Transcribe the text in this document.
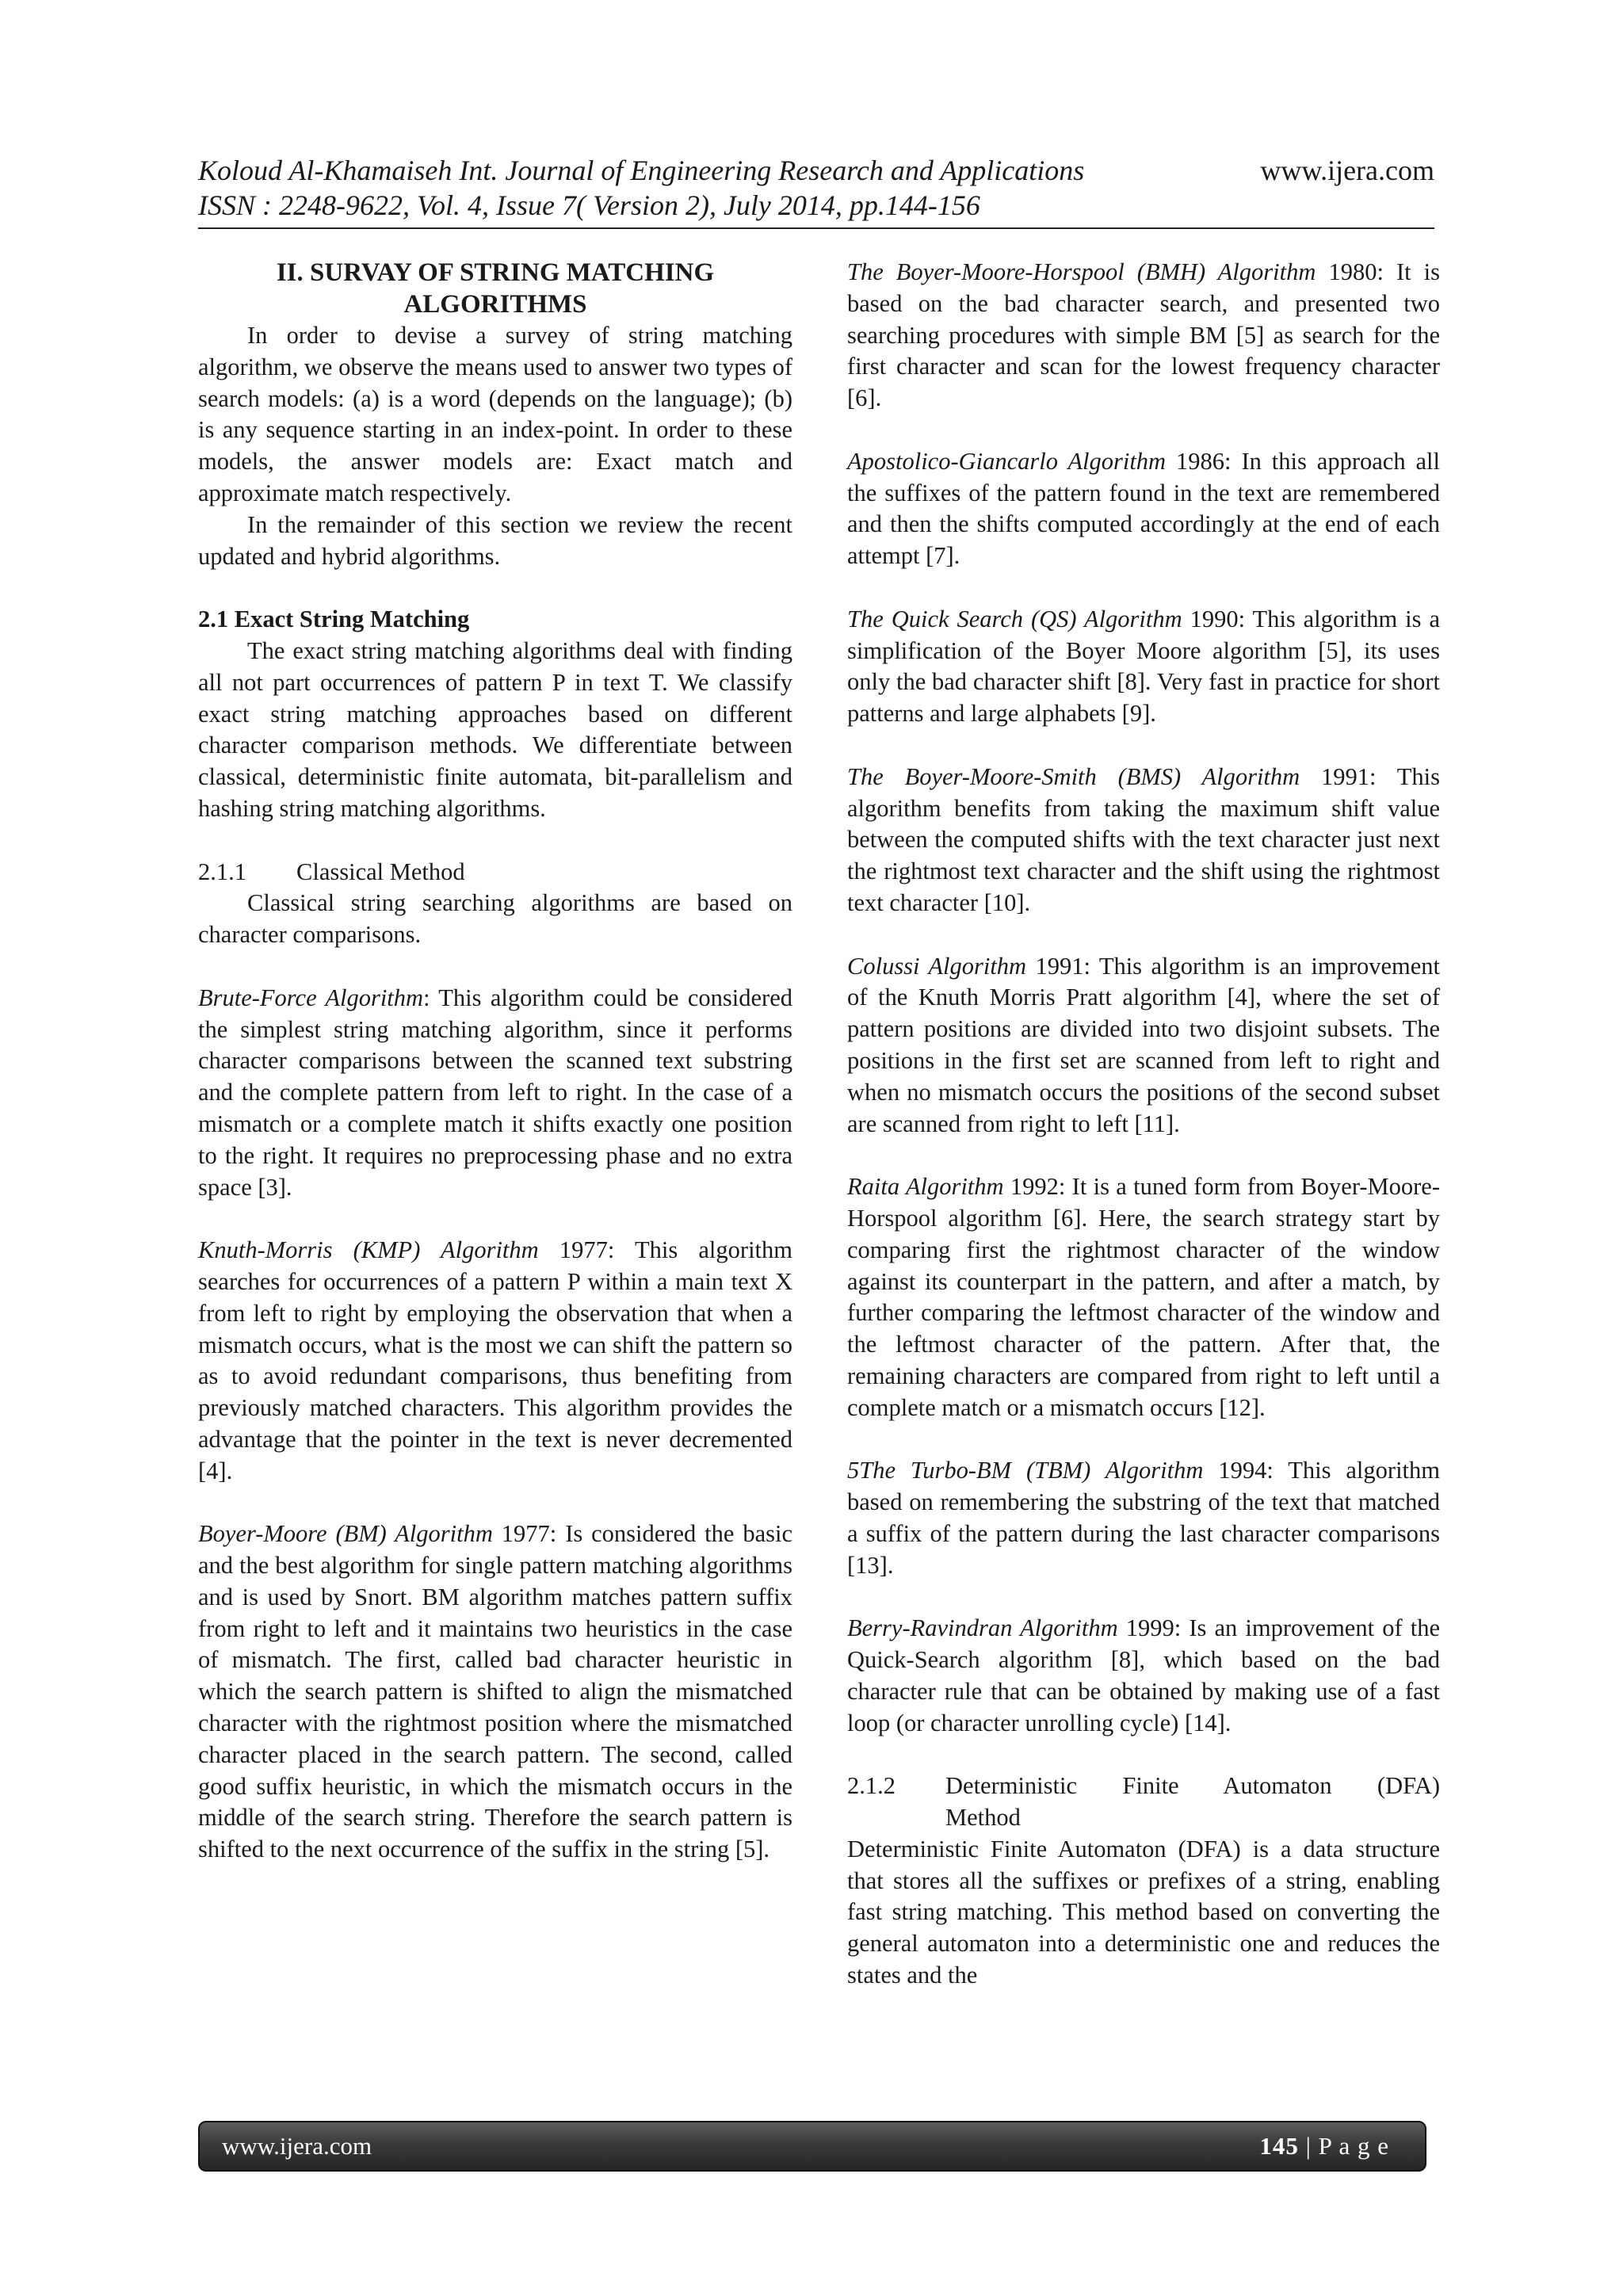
Koloud Al-Khamaiseh Int. Journal of Engineering Research and Applications	www.ijera.com
ISSN : 2248-9622, Vol. 4, Issue 7( Version 2), July 2014, pp.144-156

II. SURVAY OF STRING MATCHING
ALGORITHMS

In order to devise a survey of string matching algorithm, we observe the means used to answer two types of search models: (a) is a word (depends on the language); (b) is any sequence starting in an index-point. In order to these models, the answer models are: Exact match and approximate match respectively.

In the remainder of this section we review the recent updated and hybrid algorithms.

2.1 Exact String Matching

The exact string matching algorithms deal with finding all not part occurrences of pattern P in text T. We classify exact string matching approaches based on different character comparison methods. We differentiate between classical, deterministic finite automata, bit-parallelism and hashing string matching algorithms.

2.1.1	Classical Method

Classical string searching algorithms are based on character comparisons.

Brute-Force Algorithm: This algorithm could be considered the simplest string matching algorithm, since it performs character comparisons between the scanned text substring and the complete pattern from left to right. In the case of a mismatch or a complete match it shifts exactly one position to the right. It requires no preprocessing phase and no extra space [3].

Knuth-Morris (KMP) Algorithm 1977: This algorithm searches for occurrences of a pattern P within a main text X from left to right by employing the observation that when a mismatch occurs, what is the most we can shift the pattern so as to avoid redundant comparisons, thus benefiting from previously matched characters. This algorithm provides the advantage that the pointer in the text is never decremented [4].

Boyer-Moore (BM) Algorithm 1977: Is considered the basic and the best algorithm for single pattern matching algorithms and is used by Snort. BM algorithm matches pattern suffix from right to left and it maintains two heuristics in the case of mismatch. The first, called bad character heuristic in which the search pattern is shifted to align the mismatched character with the rightmost position where the mismatched character placed in the search pattern. The second, called good suffix heuristic, in which the mismatch occurs in the middle of the search string. Therefore the search pattern is shifted to the next occurrence of the suffix in the string [5].

The Boyer-Moore-Horspool (BMH) Algorithm 1980: It is based on the bad character search, and presented two searching procedures with simple BM [5] as search for the first character and scan for the lowest frequency character [6].

Apostolico-Giancarlo Algorithm 1986: In this approach all the suffixes of the pattern found in the text are remembered and then the shifts computed accordingly at the end of each attempt [7].

The Quick Search (QS) Algorithm 1990: This algorithm is a simplification of the Boyer Moore algorithm [5], its uses only the bad character shift [8]. Very fast in practice for short patterns and large alphabets [9].

The Boyer-Moore-Smith (BMS) Algorithm 1991: This algorithm benefits from taking the maximum shift value between the computed shifts with the text character just next the rightmost text character and the shift using the rightmost text character [10].

Colussi Algorithm 1991: This algorithm is an improvement of the Knuth Morris Pratt algorithm [4], where the set of pattern positions are divided into two disjoint subsets. The positions in the first set are scanned from left to right and when no mismatch occurs the positions of the second subset are scanned from right to left [11].

Raita Algorithm 1992: It is a tuned form from Boyer-Moore-Horspool algorithm [6]. Here, the search strategy start by comparing first the rightmost character of the window against its counterpart in the pattern, and after a match, by further comparing the leftmost character of the window and the leftmost character of the pattern. After that, the remaining characters are compared from right to left until a complete match or a mismatch occurs [12].

5The Turbo-BM (TBM) Algorithm 1994: This algorithm based on remembering the substring of the text that matched a suffix of the pattern during the last character comparisons [13].

Berry-Ravindran Algorithm 1999: Is an improvement of the Quick-Search algorithm [8], which based on the bad character rule that can be obtained by making use of a fast loop (or character unrolling cycle) [14].

2.1.2	Deterministic Finite Automaton (DFA)
Method

Deterministic Finite Automaton (DFA) is a data structure that stores all the suffixes or prefixes of a string, enabling fast string matching. This method based on converting the general automaton into a deterministic one and reduces the states and the

www.ijera.com	145 | P a g e
